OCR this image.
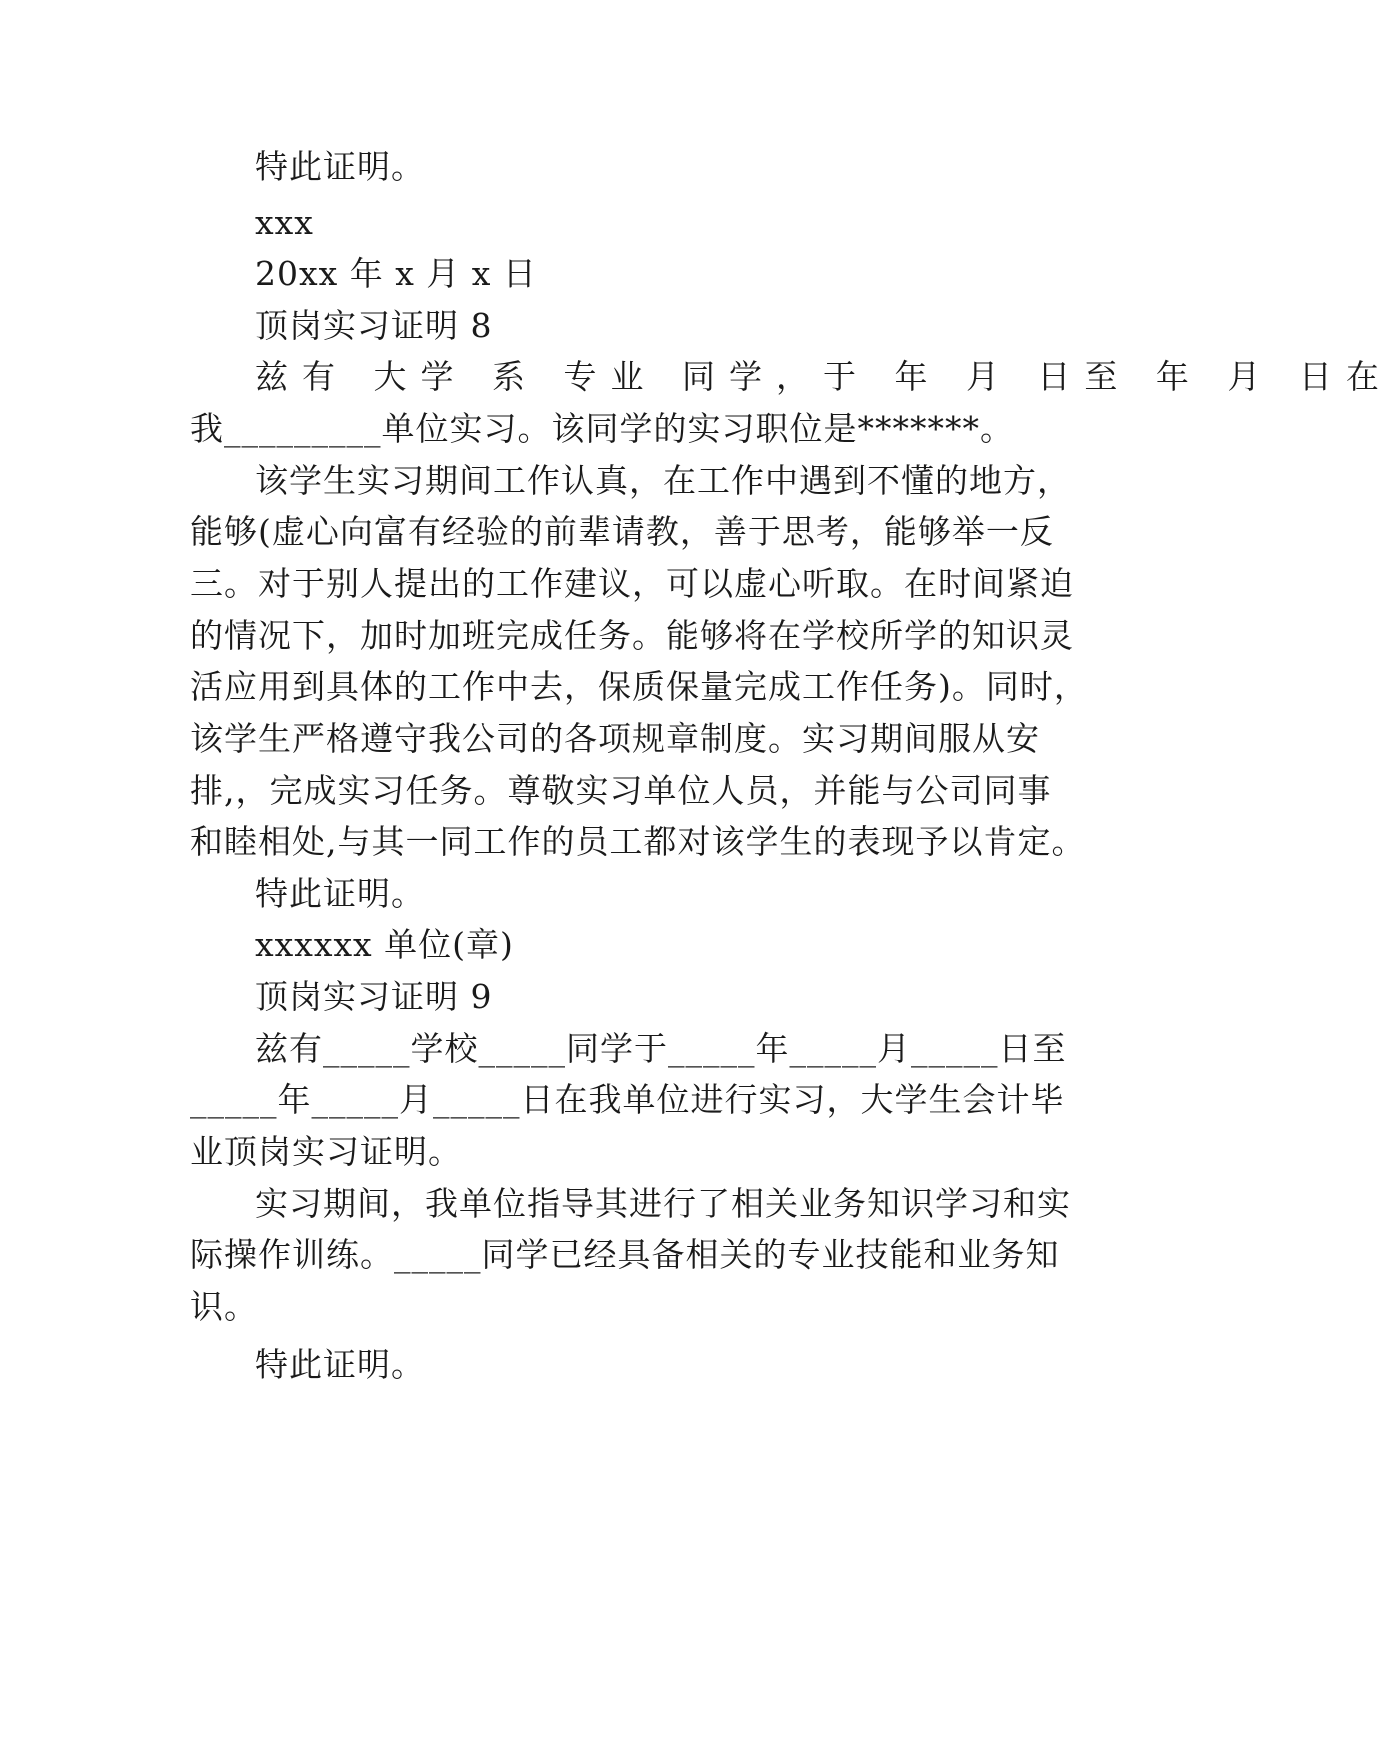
特此证明。
xxx
20xx 年 x 月 x 日
顶岗实习证明 8
兹有 大学 系 专业 同学，于 年 月 日至 年 月 日在
我_________单位实习。该同学的实习职位是*******。
该学生实习期间工作认真，在工作中遇到不懂的地方，
能够(虚心向富有经验的前辈请教，善于思考，能够举一反
三。对于别人提出的工作建议，可以虚心听取。在时间紧迫
的情况下，加时加班完成任务。能够将在学校所学的知识灵
活应用到具体的工作中去，保质保量完成工作任务)。同时，
该学生严格遵守我公司的各项规章制度。实习期间服从安
排,，完成实习任务。尊敬实习单位人员，并能与公司同事
和睦相处,与其一同工作的员工都对该学生的表现予以肯定。
特此证明。
xxxxxx 单位(章)
顶岗实习证明 9
兹有_____学校_____同学于_____年_____月_____日至
_____年_____月_____日在我单位进行实习，大学生会计毕
业顶岗实习证明。
实习期间，我单位指导其进行了相关业务知识学习和实
际操作训练。_____同学已经具备相关的专业技能和业务知
识。
特此证明。
